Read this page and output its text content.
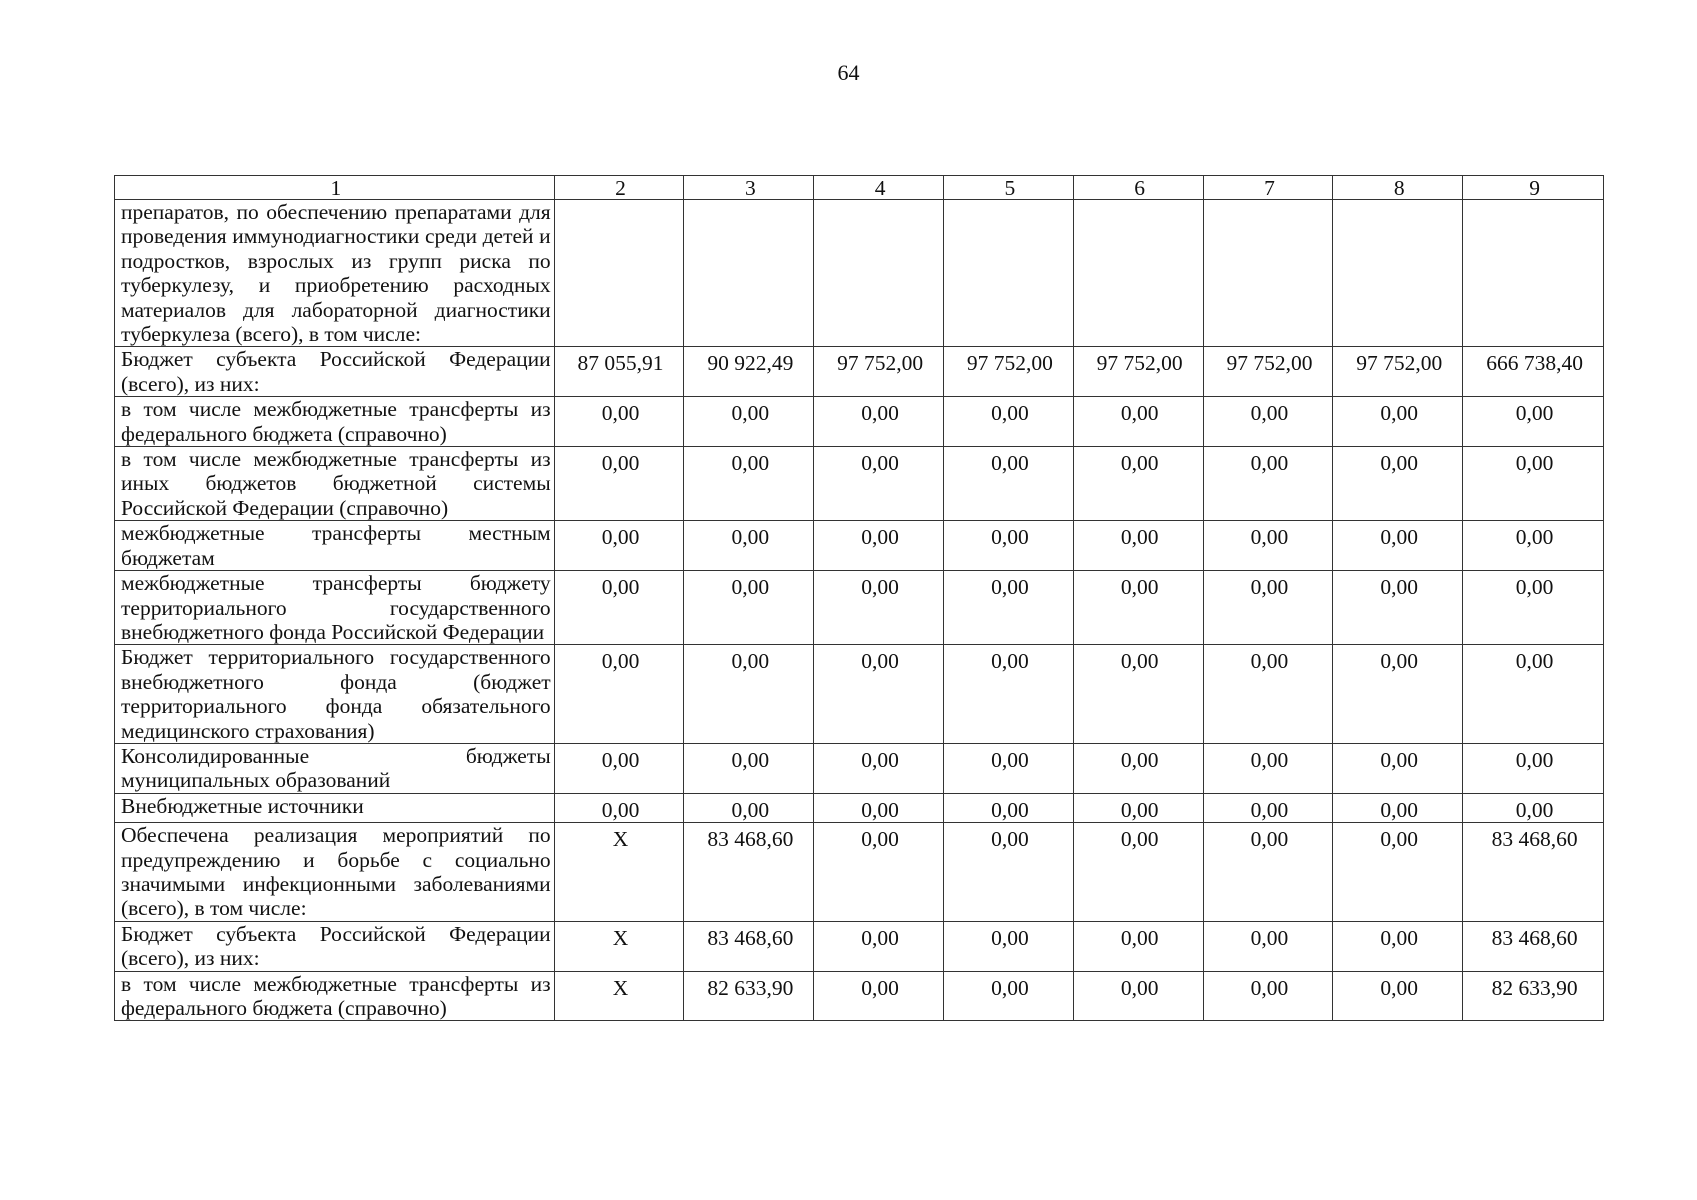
64
1	2	3	4	5	6	7	8	9
препаратов, по обеспечению препаратами для проведения иммунодиагностики среди детей и подростков, взрослых из групп риска по туберкулезу, и приобретению расходных материалов для лабораторной диагностики туберкулеза (всего), в том числе:								
Бюджет субъекта Российской Федерации (всего), из них:	87 055,91	90 922,49	97 752,00	97 752,00	97 752,00	97 752,00	97 752,00	666 738,40
в том числе межбюджетные трансферты из федерального бюджета (справочно)	0,00	0,00	0,00	0,00	0,00	0,00	0,00	0,00
в том числе межбюджетные трансферты из иных бюджетов бюджетной системы Российской Федерации (справочно)	0,00	0,00	0,00	0,00	0,00	0,00	0,00	0,00
межбюджетные трансферты местным бюджетам	0,00	0,00	0,00	0,00	0,00	0,00	0,00	0,00
межбюджетные трансферты бюджету территориального государственного внебюджетного фонда Российской Федерации	0,00	0,00	0,00	0,00	0,00	0,00	0,00	0,00
Бюджет территориального государственного внебюджетного фонда (бюджет территориального фонда обязательного медицинского страхования)	0,00	0,00	0,00	0,00	0,00	0,00	0,00	0,00
Консолидированные бюджеты муниципальных образований	0,00	0,00	0,00	0,00	0,00	0,00	0,00	0,00
Внебюджетные источники	0,00	0,00	0,00	0,00	0,00	0,00	0,00	0,00
Обеспечена реализация мероприятий по предупреждению и борьбе с социально значимыми инфекционными заболеваниями (всего), в том числе:	X	83 468,60	0,00	0,00	0,00	0,00	0,00	83 468,60
Бюджет субъекта Российской Федерации (всего), из них:	X	83 468,60	0,00	0,00	0,00	0,00	0,00	83 468,60
в том числе межбюджетные трансферты из федерального бюджета (справочно)	X	82 633,90	0,00	0,00	0,00	0,00	0,00	82 633,90
